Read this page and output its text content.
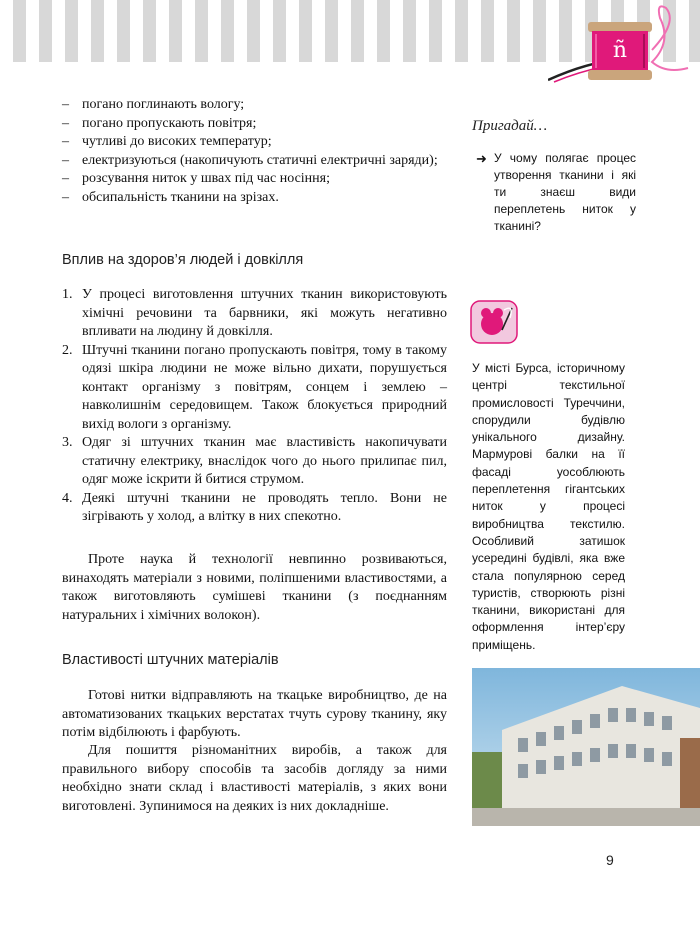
ñ
– погано поглинають вологу;
– погано пропускають повітря;
– чутливі до високих температур;
– електризуються (накопичують статичні електричні заряди);
– розсування ниток у швах під час носіння;
– обсипальність тканини на зрізах.
Вплив на здоров’я людей і довкілля
1. У процесі виготовлення штучних тканин використовують хімічні речовини та барвники, які можуть негативно впливати на людину й довкілля.
2. Штучні тканини погано пропускають повітря, тому в такому одязі шкіра людини не може вільно дихати, порушується контакт організму з повітрям, сонцем і землею – навколишнім середовищем. Також блокується природний вихід вологи з організму.
3. Одяг зі штучних тканин має властивість накопичувати статичну електрику, внаслідок чого до нього прилипає пил, одяг може іскрити й битися струмом.
4. Деякі штучні тканини не проводять тепло. Вони не зігрівають у холод, а влітку в них спекотно.

Проте наука й технології невпинно розвиваються, винаходять матеріали з новими, поліпшеними властивостями, а також виготовляють сумішеві тканини (з поєднанням натуральних і хімічних волокон).

Властивості штучних матеріалів

Готові нитки відправляють на ткацьке виробництво, де на автоматизованих ткацьких верстатах тчуть сурову тканину, яку потім відбілюють і фарбують.

Для пошиття різноманітних виробів, а також для правильного вибору способів та засобів догляду за ними необхідно знати склад і властивості матеріалів, з яких вони виготовлені. Зупинимося на деяких із них докладніше.

Пригадай…

➜ У чому полягає процес утворення тканини і які ти знаєш види переплетень ниток у тканині?

У місті Бурса, історичному центрі текстильної промисловості Туреччини, спорудили будівлю унікального дизайну. Мармурові балки на її фасаді уособлюють переплетення гігантських ниток у процесі виробництва текстилю. Особливий затишок усередині будівлі, яка вже стала популярною серед туристів, створюють різні тканини, використані для оформлення інтер’єру приміщень.

9
